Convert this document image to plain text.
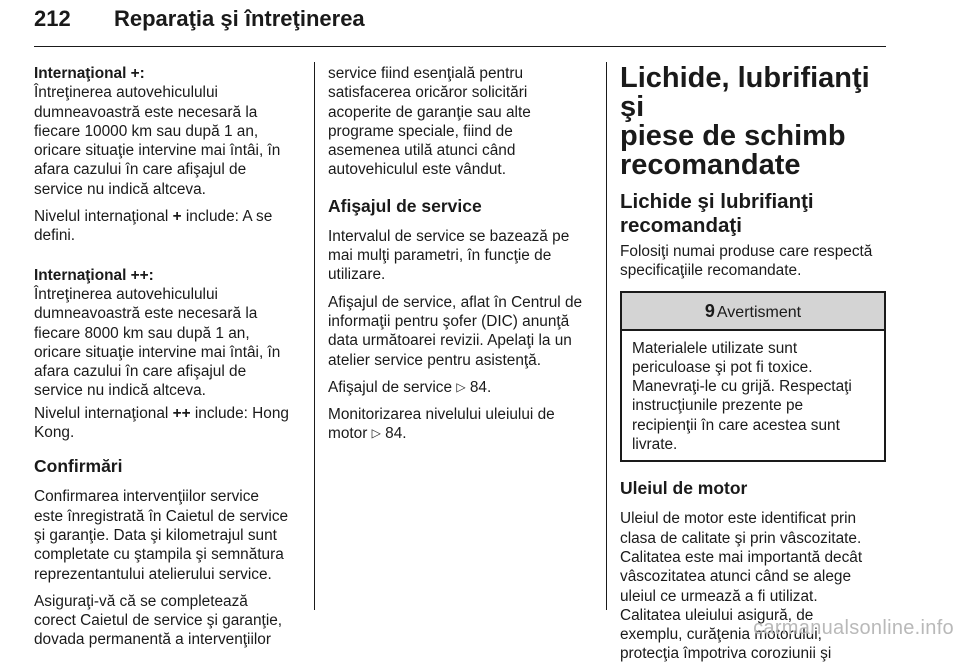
212 Reparaţia şi întreţinerea
Internaţional +:
Întreţinerea autovehiculului
dumneavoastră este necesară la
fiecare 10000 km sau după 1 an,
oricare situaţie intervine mai întâi, în
afara cazului în care afişajul de
service nu indică altceva.
Nivelul internaţional + include: A se
defini.
Internaţional ++:
Întreţinerea autovehiculului
dumneavoastră este necesară la
fiecare 8000 km sau după 1 an,
oricare situaţie intervine mai întâi, în
afara cazului în care afişajul de
service nu indică altceva.
Nivelul internaţional ++ include: Hong
Kong.
Confirmări
Confirmarea intervenţiilor service
este înregistrată în Caietul de service
şi garanţie. Data şi kilometrajul sunt
completate cu ştampila şi semnătura
reprezentantului atelierului service.
Asiguraţi-vă că se completează
corect Caietul de service şi garanţie,
dovada permanentă a intervenţiilor
service fiind esenţială pentru
satisfacerea oricăror solicitări
acoperite de garanţie sau alte
programe speciale, fiind de
asemenea utilă atunci când
autovehiculul este vândut.
Afişajul de service
Intervalul de service se bazează pe
mai mulţi parametri, în funcţie de
utilizare.
Afişajul de service, aflat în Centrul de
informaţii pentru şofer (DIC) anunţă
data următoarei revizii. Apelaţi la un
atelier service pentru asistenţă.
Afişajul de service ▷ 84.
Monitorizarea nivelului uleiului de
motor ▷ 84.
Lichide, lubrifianţi şi
piese de schimb
recomandate
Lichide şi lubrifianţi
recomandaţi
Folosiţi numai produse care respectă
specificaţiile recomandate.
9 Avertisment
Materialele utilizate sunt
periculoase şi pot fi toxice.
Manevraţi-le cu grijă. Respectaţi
instrucţiunile prezente pe
recipienţii în care acestea sunt
livrate.
Uleiul de motor
Uleiul de motor este identificat prin
clasa de calitate şi prin vâscozitate.
Calitatea este mai importantă decât
vâscozitatea atunci când se alege
uleiul ce urmează a fi utilizat.
Calitatea uleiului asigură, de
exemplu, curăţenia motorului,
protecţia împotriva coroziunii şi
carmanualsonline.info
